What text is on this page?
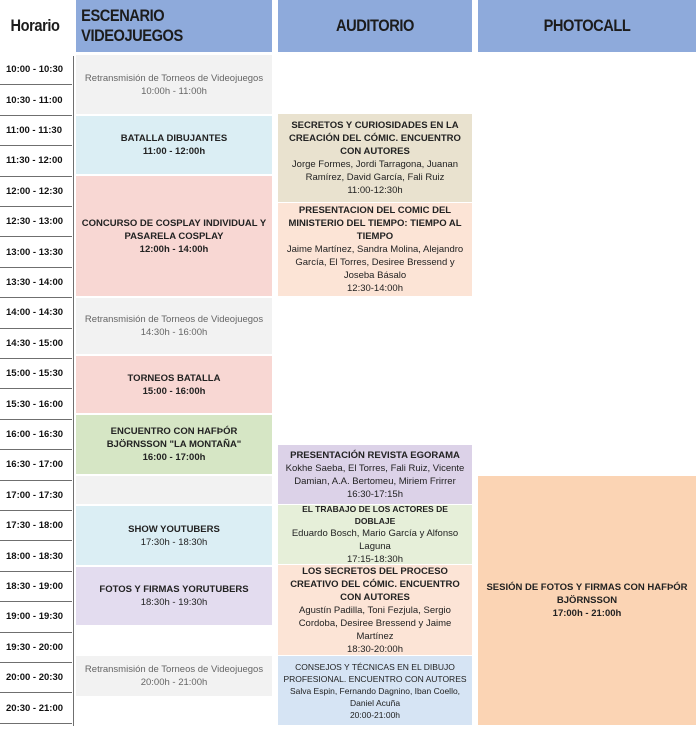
Horario
ESCENARIO VIDEOJUEGOS
AUDITORIO	PHOTOCALL
10:00 - 10:30
10:30 - 11:00
11:00 - 11:30
11:30 - 12:00
12:00 - 12:30
12:30 - 13:00
13:00 - 13:30
13:30 - 14:00
14:00 - 14:30
14:30 - 15:00
15:00 - 15:30
15:30 - 16:00
16:00 - 16:30
16:30 - 17:00
17:00 - 17:30
17:30 - 18:00
18:00 - 18:30
18:30 - 19:00
19:00 - 19:30
19:30 - 20:00
20:00 - 20:30
20:30 - 21:00
Retransmisión de Torneos de Videojuegos
10:00h - 11:00h
BATALLA DIBUJANTES
11:00 - 12:00h
CONCURSO DE COSPLAY INDIVIDUAL Y PASARELA COSPLAY
12:00h - 14:00h
Retransmisión de Torneos de Videojuegos
14:30h - 16:00h
TORNEOS BATALLA
15:00 - 16:00h
ENCUENTRO CON HAFÞÓR BJÖRNSSON "LA MONTAÑA"
16:00 - 17:00h
SHOW YOUTUBERS
17:30h - 18:30h
FOTOS Y FIRMAS YORUTUBERS
18:30h - 19:30h
Retransmisión de Torneos de Videojuegos
20:00h - 21:00h
SECRETOS Y CURIOSIDADES EN LA CREACIÓN DEL CÓMIC. ENCUENTRO CON AUTORES
Jorge Formes, Jordi Tarragona, Juanan Ramírez, David García, Fali Ruiz
11:00-12:30h
PRESENTACION DEL COMIC DEL MINISTERIO DEL TIEMPO: TIEMPO AL TIEMPO
Jaime Martínez, Sandra Molina, Alejandro García, El Torres, Desiree Bressend y Joseba Básalo
12:30-14:00h
PRESENTACIÓN REVISTA EGORAMA
Kokhe Saeba, El Torres, Fali Ruiz, Vicente Damian, A.A. Bertomeu, Miriem Frirrer
16:30-17:15h
EL TRABAJO DE LOS ACTORES DE DOBLAJE
Eduardo Bosch, Mario García y Alfonso Laguna
17:15-18:30h
LOS SECRETOS DEL PROCESO CREATIVO DEL CÓMIC. ENCUENTRO CON AUTORES
Agustín Padilla, Toni Fezjula, Sergio Cordoba, Desiree Bressend y Jaime Martínez
18:30-20:00h
CONSEJOS Y TÉCNICAS EN EL DIBUJO PROFESIONAL. ENCUENTRO CON AUTORES
Salva Espin, Fernando Dagnino, Iban Coello, Daniel Acuña
20:00-21:00h
SESIÓN DE FOTOS Y FIRMAS CON HAFÞÓR BJÖRNSSON
17:00h - 21:00h
